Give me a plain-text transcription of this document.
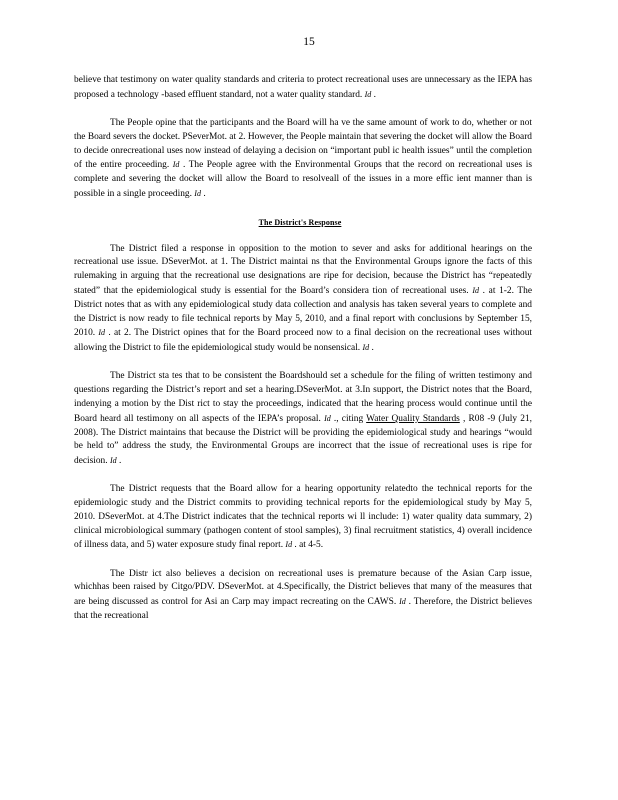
15

believe that testimony on water quality standards and criteria to protect recreational uses are unnecessary as the IEPA has proposed a technology -based effluent standard, not a water quality standard. Id .

The People opine that the participants and the Board will ha ve the same amount of work to do, whether or not the Board severs the docket. PSeverMot. at 2. However, the People maintain that severing the docket will allow the Board to decide onrecreational uses now instead of delaying a decision on “important publ ic health issues” until the completion of the entire proceeding. Id . The People agree with the Environmental Groups that the record on recreational uses is complete and severing the docket will allow the Board to resolveall of the issues in a more effic ient manner than is possible in a single proceeding. Id .

The District's Response

The District filed a response in opposition to the motion to sever and asks for additional hearings on the recreational use issue. DSeverMot. at 1. The District maintai ns that the Environmental Groups ignore the facts of this rulemaking in arguing that the recreational use designations are ripe for decision, because the District has “repeatedly stated” that the epidemiological study is essential for the Board’s considera tion of recreational uses. Id . at 1-2. The District notes that as with any epidemiological study data collection and analysis has taken several years to complete and the District is now ready to file technical reports by May 5, 2010, and a final report with conclusions by September 15, 2010. Id . at 2. The District opines that for the Board proceed now to a final decision on the recreational uses without allowing the District to file the epidemiological study would be nonsensical. Id .

The District sta tes that to be consistent the Boardshould set a schedule for the filing of written testimony and questions regarding the District’s report and set a hearing.DSeverMot. at 3.In support, the District notes that the Board, indenying a motion by the Dist rict to stay the proceedings, indicated that the hearing process would continue until the Board heard all testimony on all aspects of the IEPA’s proposal. Id ., citing Water Quality Standards , R08 -9 (July 21, 2008). The District maintains that because the District will be providing the epidemiological study and hearings “would be held to” address the study, the Environmental Groups are incorrect that the issue of recreational uses is ripe for decision. Id .

The District requests that the Board allow for a hearing opportunity relatedto the technical reports for the epidemiologic study and the District commits to providing technical reports for the epidemiological study by May 5, 2010. DSeverMot. at 4.The District indicates that the technical reports wi ll include: 1) water quality data summary, 2) clinical microbiological summary (pathogen content of stool samples), 3) final recruitment statistics, 4) overall incidence of illness data, and 5) water exposure study final report. Id . at 4-5.

The Distr ict also believes a decision on recreational uses is premature because of the Asian Carp issue, whichhas been raised by Citgo/PDV. DSeverMot. at 4.Specifically, the District believes that many of the measures that are being discussed as control for Asi an Carp may impact recreating on the CAWS. Id . Therefore, the District believes that the recreational
